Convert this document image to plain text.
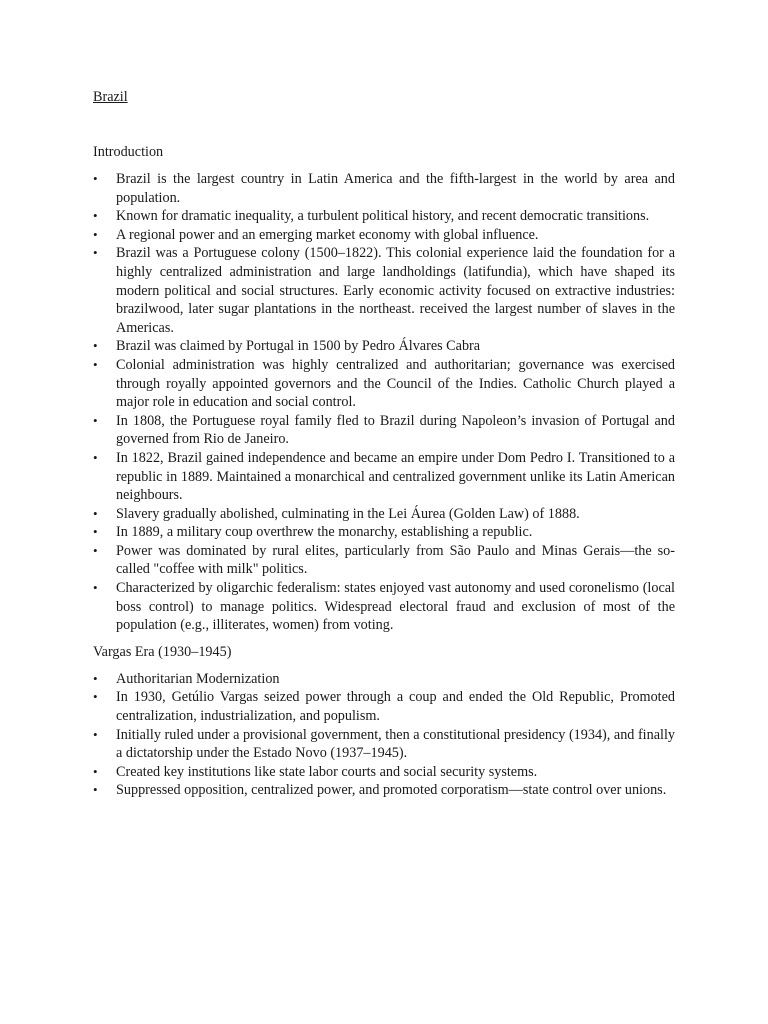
Brazil
Introduction
•	Brazil is the largest country in Latin America and the fifth-largest in the world by area and population.
•	Known for dramatic inequality, a turbulent political history, and recent democratic transitions.
•	A regional power and an emerging market economy with global influence.
•	Brazil was a Portuguese colony (1500–1822). This colonial experience laid the foundation for a highly centralized administration and large landholdings (latifundia), which have shaped its modern political and social structures. Early economic activity focused on extractive industries: brazilwood, later sugar plantations in the northeast. received the largest number of slaves in the Americas.
•	Brazil was claimed by Portugal in 1500 by Pedro Álvares Cabra
•	Colonial administration was highly centralized and authoritarian; governance was exercised through royally appointed governors and the Council of the Indies. Catholic Church played a major role in education and social control.
•	In 1808, the Portuguese royal family fled to Brazil during Napoleon’s invasion of Portugal and governed from Rio de Janeiro.
•	In 1822, Brazil gained independence and became an empire under Dom Pedro I. Transitioned to a republic in 1889. Maintained a monarchical and centralized government unlike its Latin American neighbours.
•	Slavery gradually abolished, culminating in the Lei Áurea (Golden Law) of 1888.
•	In 1889, a military coup overthrew the monarchy, establishing a republic.
•	Power was dominated by rural elites, particularly from São Paulo and Minas Gerais—the so-called "coffee with milk" politics.
•	Characterized by oligarchic federalism: states enjoyed vast autonomy and used coronelismo (local boss control) to manage politics. Widespread electoral fraud and exclusion of most of the population (e.g., illiterates, women) from voting.
Vargas Era (1930–1945)
•	Authoritarian Modernization
•	In 1930, Getúlio Vargas seized power through a coup and ended the Old Republic, Promoted centralization, industrialization, and populism.
•	Initially ruled under a provisional government, then a constitutional presidency (1934), and finally a dictatorship under the Estado Novo (1937–1945).
•	Created key institutions like state labor courts and social security systems.
•	Suppressed opposition, centralized power, and promoted corporatism—state control over unions.
